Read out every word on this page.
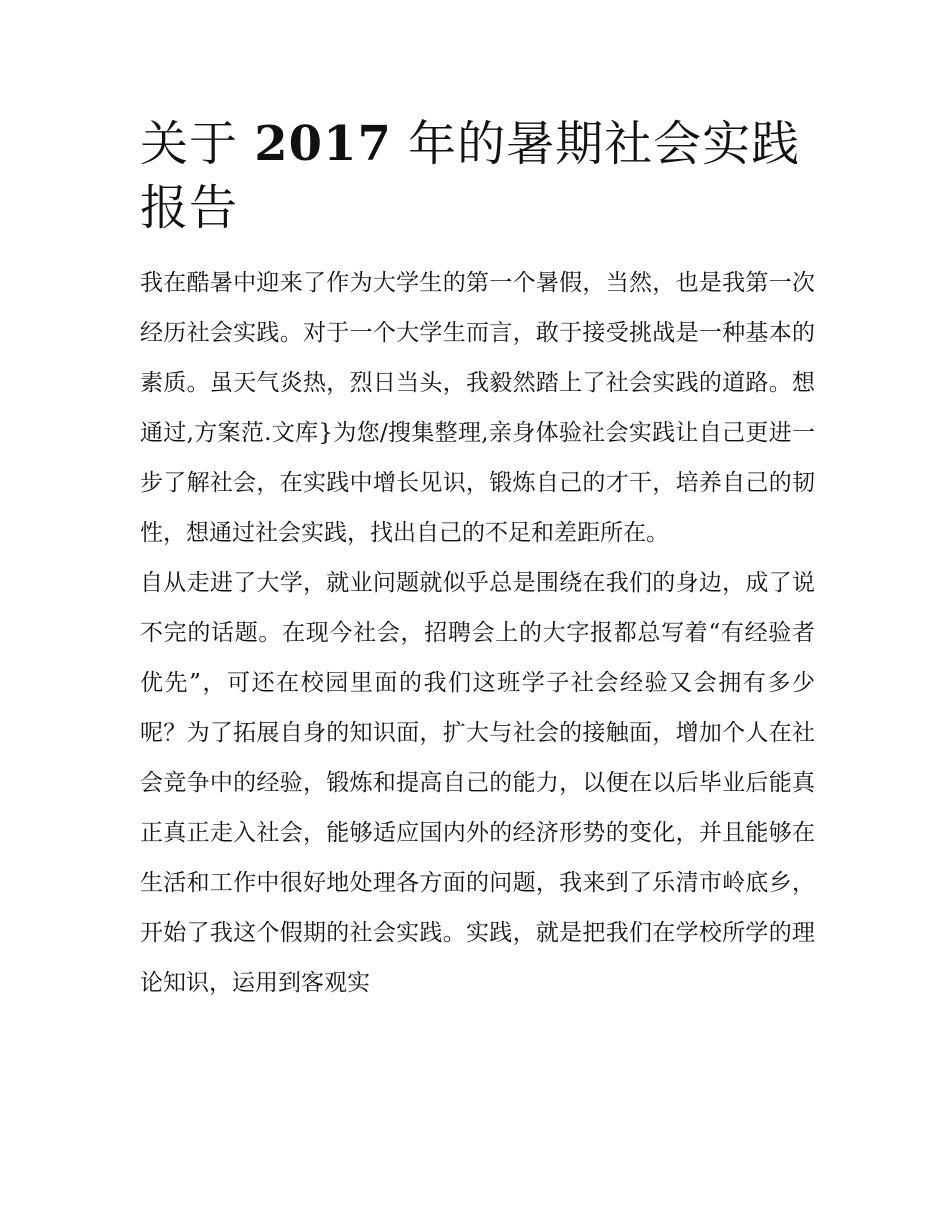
关于 2017 年的暑期社会实践报告

我在酷暑中迎来了作为大学生的第一个暑假，当然，也是我第一次经历社会实践。对于一个大学生而言，敢于接受挑战是一种基本的素质。虽天气炎热，烈日当头，我毅然踏上了社会实践的道路。想通过,方案范.文库}为您/搜集整理,亲身体验社会实践让自己更进一步了解社会，在实践中增长见识，锻炼自己的才干，培养自己的韧性，想通过社会实践，找出自己的不足和差距所在。

自从走进了大学，就业问题就似乎总是围绕在我们的身边，成了说不完的话题。在现今社会，招聘会上的大字报都总写着“有经验者优先”，可还在校园里面的我们这班学子社会经验又会拥有多少呢？为了拓展自身的知识面，扩大与社会的接触面，增加个人在社会竞争中的经验，锻炼和提高自己的能力，以便在以后毕业后能真正真正走入社会，能够适应国内外的经济形势的变化，并且能够在生活和工作中很好地处理各方面的问题，我来到了乐清市岭底乡，开始了我这个假期的社会实践。实践，就是把我们在学校所学的理论知识，运用到客观实
